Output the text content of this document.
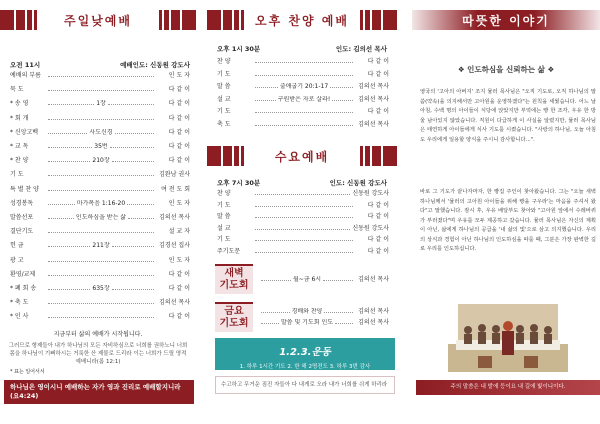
주일낮예배
오전 11시	예배인도: 신동원 강도사
예배의 부름	인 도 자
묵 도	다 같 이
* 송 영	1장	다 같 이
* 회 개	다 같 이
* 신앙고백	사도신경	다 같 이
* 교 독	35번	다 같 이
* 찬 양	210장	다 같 이
기 도	김완남 권사
특 별 찬 양	여 전 도 회
성경봉독	마가복음 1:16-20	인 도 자
말씀선포	인도하심을 받는 삶	김의선 목사
결단기도	설 교 자
헌 금	211장	김경선 집사
광 고	인 도 자
환영/교제	다 같 이
* 폐 회 송	635장	다 같 이
* 축 도	김의선 목사
* 인 사	다 같 이
지금부터 삶의 예배가 시작됩니다.
그러므로 형제들아 내가 하나님의 모든 자비하심으로 너희를 권하노니 너희 몸을 하나님이 기뻐하시는 거룩한 산 제물로 드리라 이는 너희가 드릴 영적 예배니라(롬 12:1)
* 표는 일어서서
하나님은 영이시니 예배하는 자가 영과 진리로 예배할지니라 (요4:24)
오후 찬양 예배
오후 1시 30분	인도: 김의선 목사
찬 양	다 같 이
기 도	다 같 이
말 씀	출애굽기 20:1-17	김의선 목사
설 교	구원받은 자로 살라!	김의선 목사
기 도	다 같 이
축 도	김의선 목사
수요예배
오후 7시 30분	인도: 신동원 강도사
찬 양	신동원 강도사
기 도	다 같 이
말 씀	다 같 이
설 교	신동원 강도사
기 도	다 같 이
주기도문	다 같 이
새벽
기도회
월~금 6시	김의선 목사
금요
기도회
경배와 찬양	김의선 목사
말씀 및 기도회 인도	김의선 목사
1.2.3.운동
1. 하루 1시간 기도 2. 한 해 2명전도 3. 하루 3번 감사
수고하고 무거운 짐진 자들아 다 내게로 오라 내가 너희를 쉬게 하리라
따뜻한 이야기
❖ 인도하심을 신뢰하는 삶 ❖
영국의 '고아의 아버지' 조지 뮬러 목사님은 "오직 기도로, 오직 하나님의 말씀(약속)을 의지해서만 고아원을 운영하겠다"는 원칙을 세웠습니다. 어느 날 아침, 수백 명의 아이들이 식당에 앉았지만 부엌에는 빵 한 조각, 우유 한 방울 남아있지 않았습니다. 직원이 다급하게 이 사실을 알렸지만, 뮬러 목사님은 태연하게 아이들에게 식사 기도를 시켰습니다. "사랑의 하나님, 오늘 아침도 우리에게 일용할 양식을 주시니 감사합니다...".
바로 그 기도가 끝나자마자, 한 빵집 주인이 찾아왔습니다. 그는 "오늘 새벽 하나님께서 '뮬러의 고아원 아이들을 위해 빵을 구우라'는 마음을 주셔서 왔다"고 말했습니다. 잠시 후, 우유 배달부도 찾아와 "고아원 앞에서 수레바퀴가 부러졌다"며 우유를 모두 제공하고 갔습니다. 뮬러 목사님은 자신의 계획이 아닌, 삶에게 하나님의 공급을 '내 삶의 빛'으로 삼고 의지했습니다. 우리의 상식과 경험이 아닌 하나님의 인도하심을 따를 때, 그분은 가장 완벽한 길로 우리를 인도하십니다.
주의 말씀은 내 발에 등이요 내 길에 빛이니이다.
